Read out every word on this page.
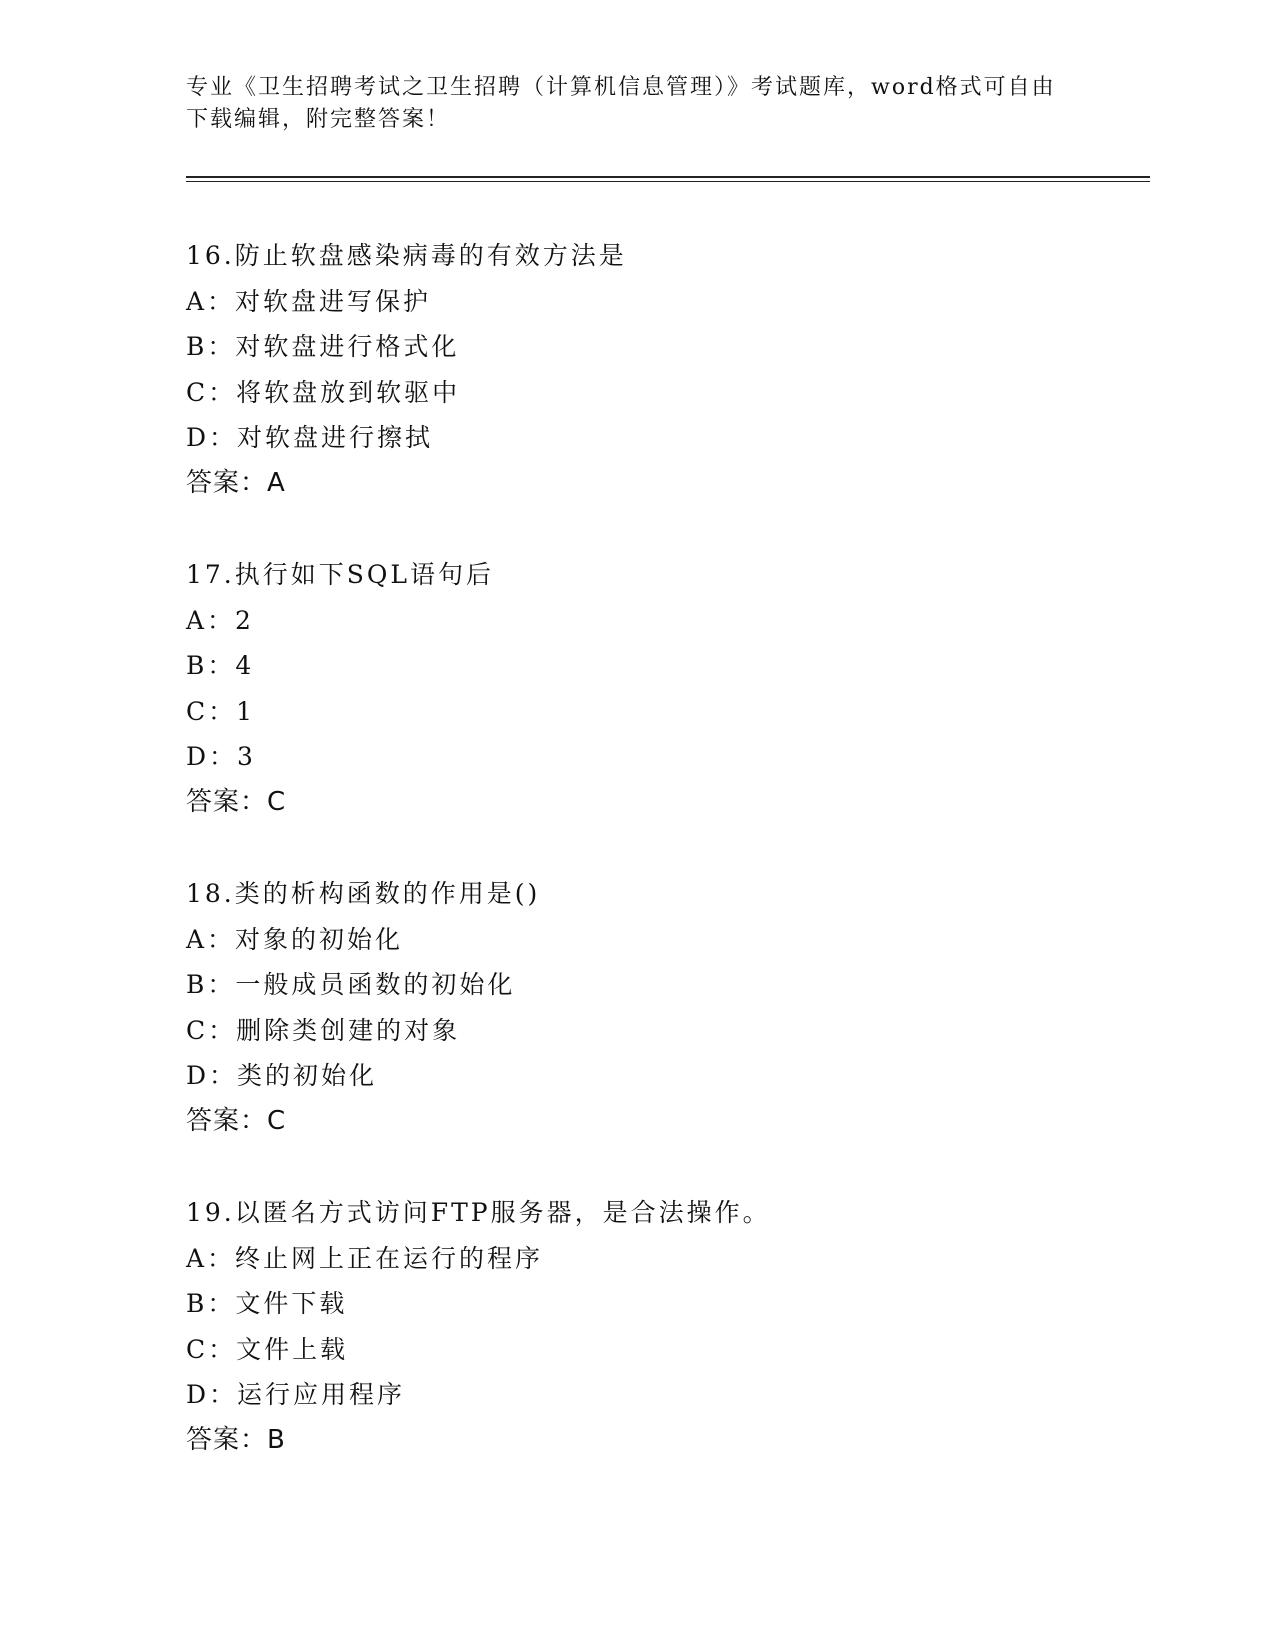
专业《卫生招聘考试之卫生招聘（计算机信息管理）》考试题库，word格式可自由下载编辑，附完整答案！
16.防止软盘感染病毒的有效方法是
A：对软盘进写保护
B：对软盘进行格式化
C：将软盘放到软驱中
D：对软盘进行擦拭
答案：A
17.执行如下SQL语句后
A：2
B：4
C：1
D：3
答案：C
18.类的析构函数的作用是()
A：对象的初始化
B：一般成员函数的初始化
C：删除类创建的对象
D：类的初始化
答案：C
19.以匿名方式访问FTP服务器，是合法操作。
A：终止网上正在运行的程序
B：文件下载
C：文件上载
D：运行应用程序
答案：B
